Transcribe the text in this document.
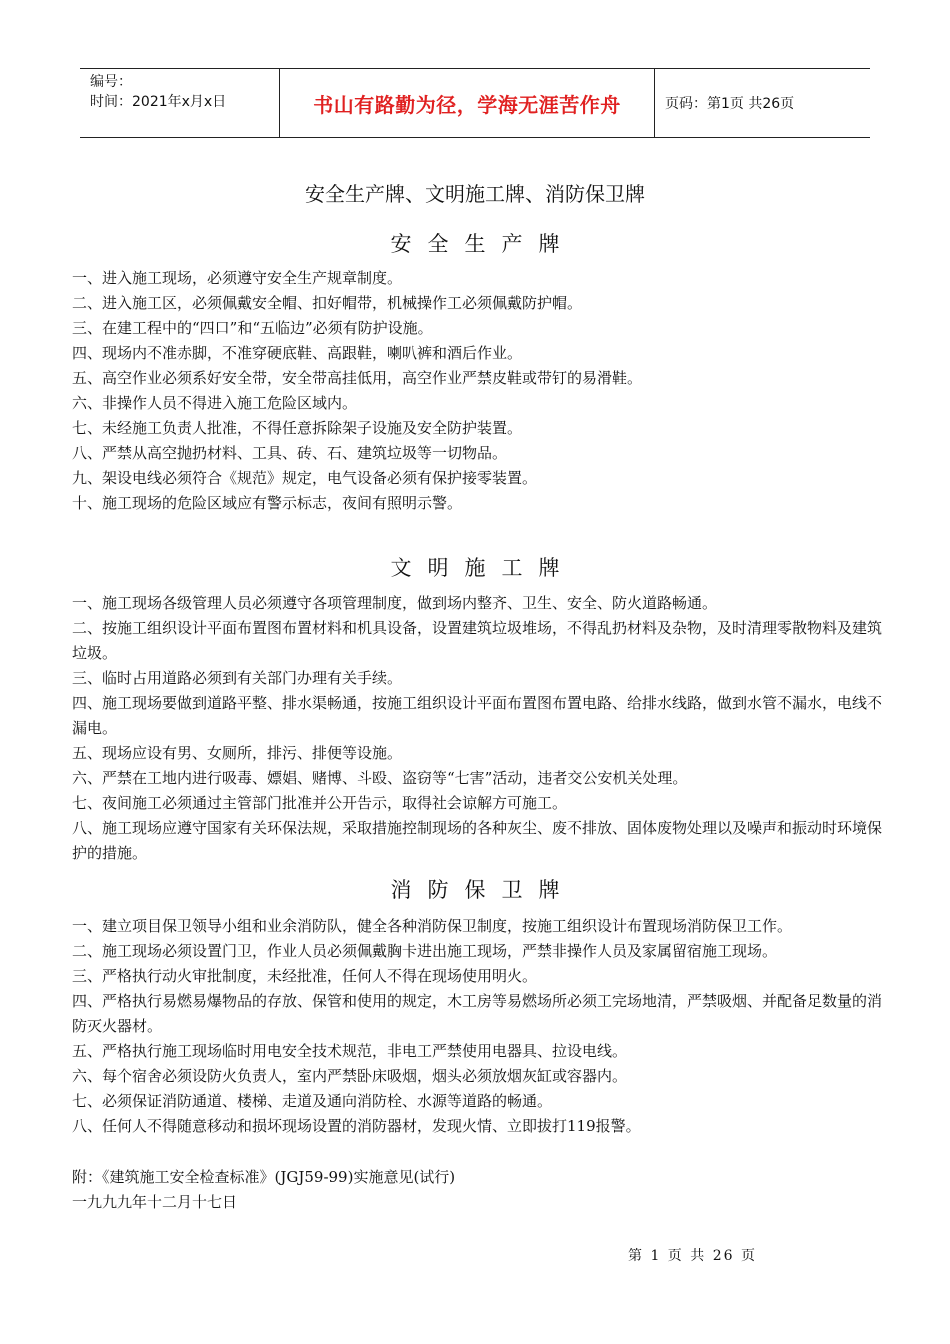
编号：
时间：2021年x月x日	书山有路勤为径，学海无涯苦作舟	页码：第1页 共26页
安全生产牌、文明施工牌、消防保卫牌
安全生产牌

一、进入施工现场，必须遵守安全生产规章制度。

二、进入施工区，必须佩戴安全帽、扣好帽带，机械操作工必须佩戴防护帽。

三、在建工程中的“四口”和“五临边”必须有防护设施。

四、现场内不准赤脚，不准穿硬底鞋、高跟鞋，喇叭裤和酒后作业。

五、高空作业必须系好安全带，安全带高挂低用，高空作业严禁皮鞋或带钉的易滑鞋。

六、非操作人员不得进入施工危险区域内。

七、未经施工负责人批准，不得任意拆除架子设施及安全防护装置。

八、严禁从高空抛扔材料、工具、砖、石、建筑垃圾等一切物品。

九、架设电线必须符合《规范》规定，电气设备必须有保护接零装置。

十、施工现场的危险区域应有警示标志，夜间有照明示警。

文明施工牌

一、施工现场各级管理人员必须遵守各项管理制度，做到场内整齐、卫生、安全、防火道路畅通。

二、按施工组织设计平面布置图布置材料和机具设备，设置建筑垃圾堆场，不得乱扔材料及杂物，及时清理零散物料及建筑垃圾。

三、临时占用道路必须到有关部门办理有关手续。

四、施工现场要做到道路平整、排水渠畅通，按施工组织设计平面布置图布置电路、给排水线路，做到水管不漏水，电线不漏电。

五、现场应设有男、女厕所，排污、排便等设施。

六、严禁在工地内进行吸毒、嫖娼、赌博、斗殴、盗窃等“七害”活动，违者交公安机关处理。

七、夜间施工必须通过主管部门批准并公开告示，取得社会谅解方可施工。

八、施工现场应遵守国家有关环保法规，采取措施控制现场的各种灰尘、废不排放、固体废物处理以及噪声和振动时环境保护的措施。

消防保卫牌

一、建立项目保卫领导小组和业余消防队，健全各种消防保卫制度，按施工组织设计布置现场消防保卫工作。

二、施工现场必须设置门卫，作业人员必须佩戴胸卡进出施工现场，严禁非操作人员及家属留宿施工现场。

三、严格执行动火审批制度，未经批准，任何人不得在现场使用明火。

四、严格执行易燃易爆物品的存放、保管和使用的规定，木工房等易燃场所必须工完场地清，严禁吸烟、并配备足数量的消防灭火器材。

五、严格执行施工现场临时用电安全技术规范，非电工严禁使用电器具、拉设电线。

六、每个宿舍必须设防火负责人，室内严禁卧床吸烟，烟头必须放烟灰缸或容器内。

七、必须保证消防通道、楼梯、走道及通向消防栓、水源等道路的畅通。

八、任何人不得随意移动和损坏现场设置的消防器材，发现火情、立即拔打119报警。

附：《建筑施工安全检查标准》(JGJ59-99)实施意见(试行)

一九九九年十二月十七日

第 1 页 共 26 页
